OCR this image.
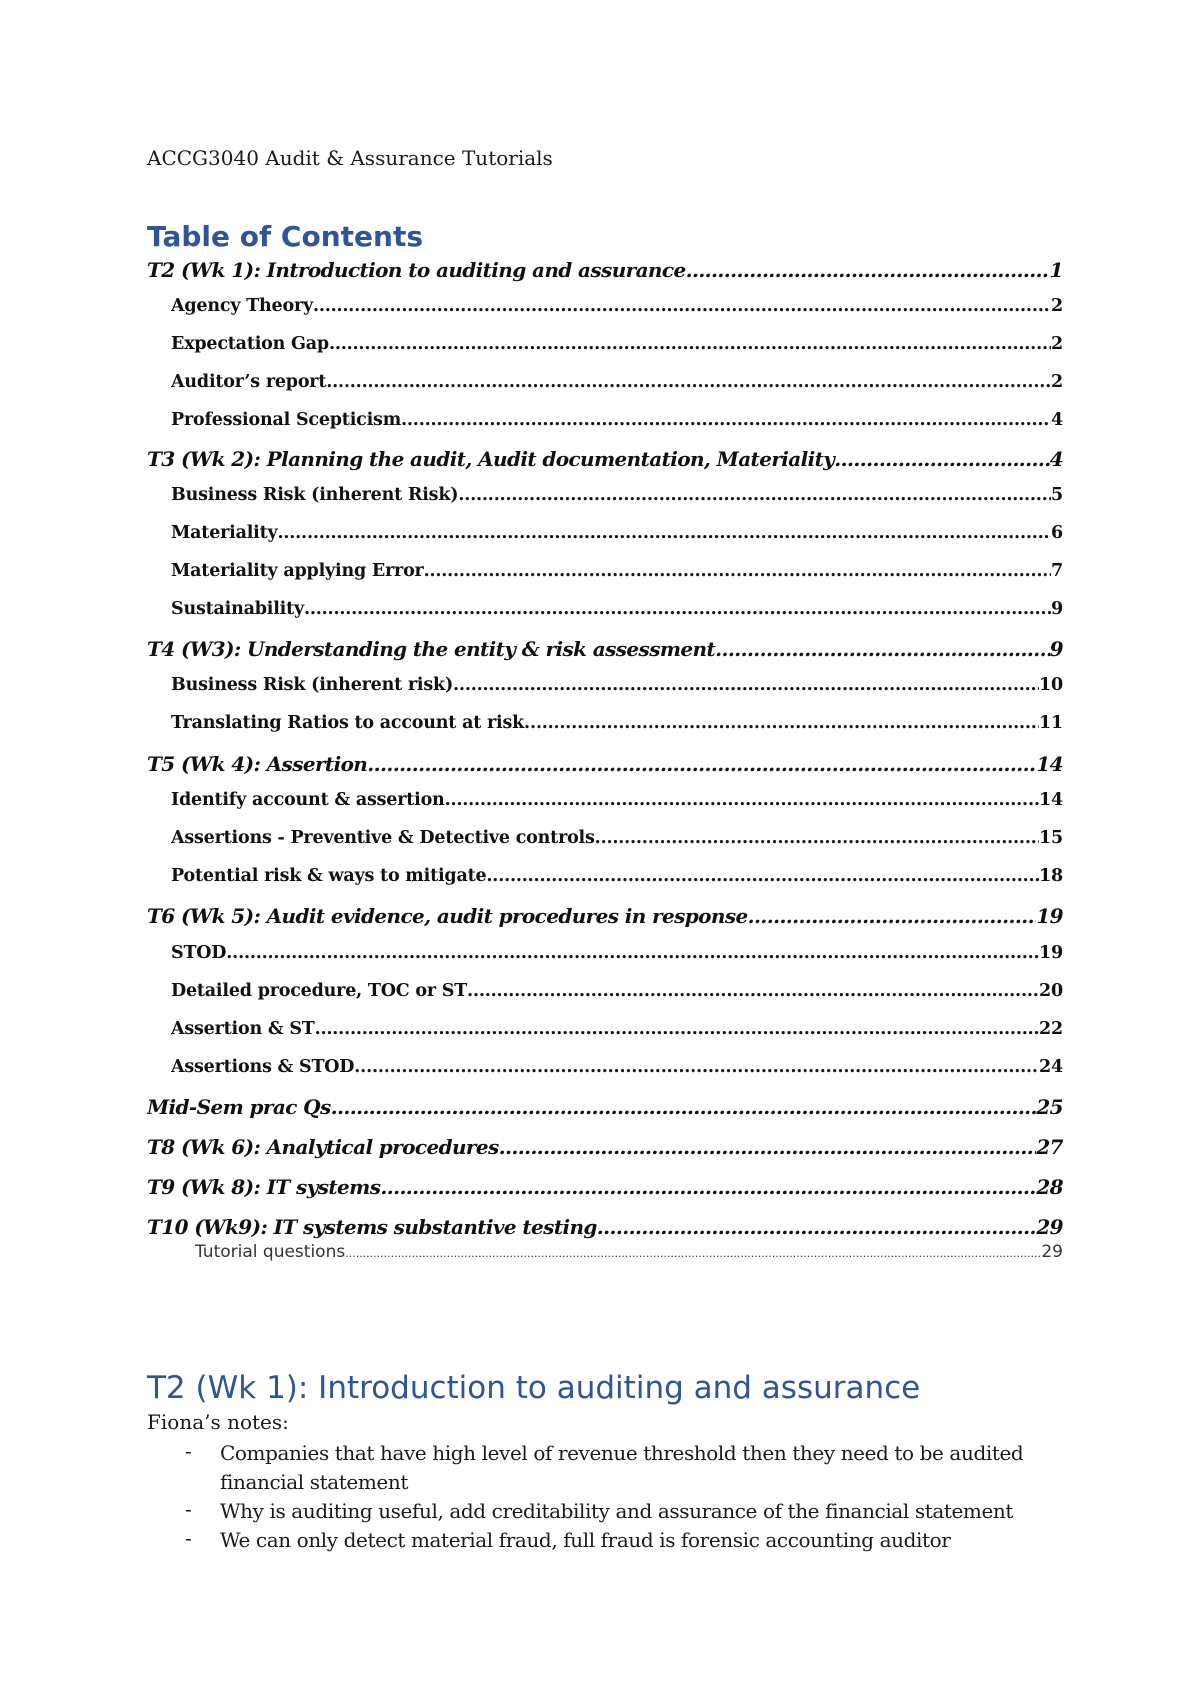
ACCG3040 Audit & Assurance Tutorials
Table of Contents
T2 (Wk 1): Introduction to auditing and assurance .....	1
Agency Theory .....	2
Expectation Gap .....	2
Auditor’s report .....	2
Professional Scepticism .....	4
T3 (Wk 2): Planning the audit, Audit documentation, Materiality .....	4
Business Risk (inherent Risk) .....	5
Materiality .....	6
Materiality applying Error .....	7
Sustainability .....	9
T4 (W3): Understanding the entity & risk assessment .....	9
Business Risk (inherent risk) .....	10
Translating Ratios to account at risk .....	11
T5 (Wk 4): Assertion .....	14
Identify account & assertion .....	14
Assertions - Preventive & Detective controls .....	15
Potential risk & ways to mitigate .....	18
T6 (Wk 5): Audit evidence, audit procedures in response .....	19
STOD .....	19
Detailed procedure, TOC or ST .....	20
Assertion & ST .....	22
Assertions & STOD .....	24
Mid-Sem prac Qs .....	25
T8 (Wk 6): Analytical procedures .....	27
T9 (Wk 8): IT systems .....	28
T10 (Wk9): IT systems substantive testing .....	29
Tutorial questions .....	29
T2 (Wk 1): Introduction to auditing and assurance
Fiona’s notes:
- Companies that have high level of revenue threshold then they need to be audited financial statement
- Why is auditing useful, add creditability and assurance of the financial statement
- We can only detect material fraud, full fraud is forensic accounting auditor
